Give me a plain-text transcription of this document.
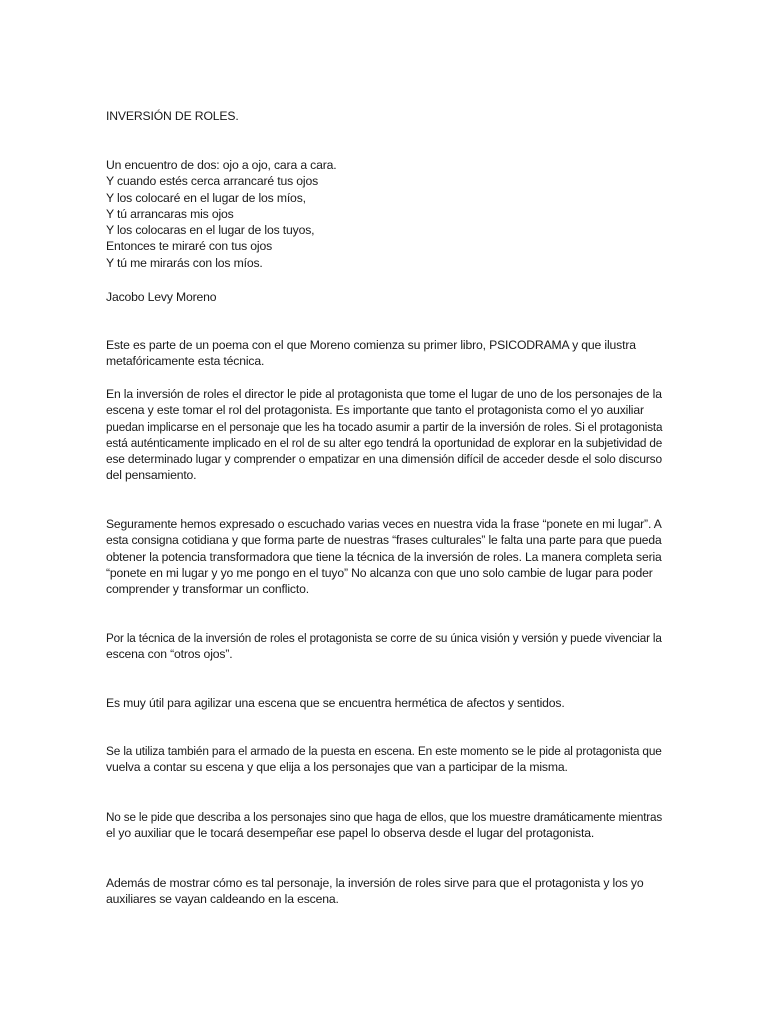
INVERSIÓN DE ROLES.

Un encuentro de dos: ojo a ojo, cara a cara.
Y cuando estés cerca arrancaré tus ojos
Y los colocaré en el lugar de los míos,
Y tú arrancaras mis ojos
Y los colocaras en el lugar de los tuyos,
Entonces te miraré con tus ojos
Y tú me mirarás con los míos.

Jacobo Levy Moreno

Este es parte de un poema con el que Moreno comienza su primer libro, PSICODRAMA y que ilustra
metafóricamente esta técnica.

En la inversión de roles el director le pide al protagonista que tome el lugar de uno de los personajes de la
escena y este tomar el rol del protagonista. Es importante que tanto el protagonista como el yo auxiliar
puedan implicarse en el personaje que les ha tocado asumir a partir de la inversión de roles. Si el protagonista
está auténticamente implicado en el rol de su alter ego tendrá la oportunidad de explorar en la subjetividad de
ese determinado lugar y comprender o empatizar en una dimensión difícil de acceder desde el solo discurso
del pensamiento.

Seguramente hemos expresado o escuchado varias veces en nuestra vida la frase “ponete en mi lugar”. A
esta consigna cotidiana y que forma parte de nuestras “frases culturales” le falta una parte para que pueda
obtener la potencia transformadora que tiene la técnica de la inversión de roles. La manera completa seria
“ponete en mi lugar y yo me pongo en el tuyo” No alcanza con que uno solo cambie de lugar para poder
comprender y transformar un conflicto.

Por la técnica de la inversión de roles el protagonista se corre de su única visión y versión y puede vivenciar la
escena con “otros ojos”.

Es muy útil para agilizar una escena que se encuentra hermética de afectos y sentidos.

Se la utiliza también para el armado de la puesta en escena. En este momento se le pide al protagonista que
vuelva a contar su escena y que elija a los personajes que van a participar de la misma.

No se le pide que describa a los personajes sino que haga de ellos, que los muestre dramáticamente mientras
el yo auxiliar que le tocará desempeñar ese papel lo observa desde el lugar del protagonista.

Además de mostrar cómo es tal personaje, la inversión de roles sirve para que el protagonista y los yo
auxiliares se vayan caldeando en la escena.
